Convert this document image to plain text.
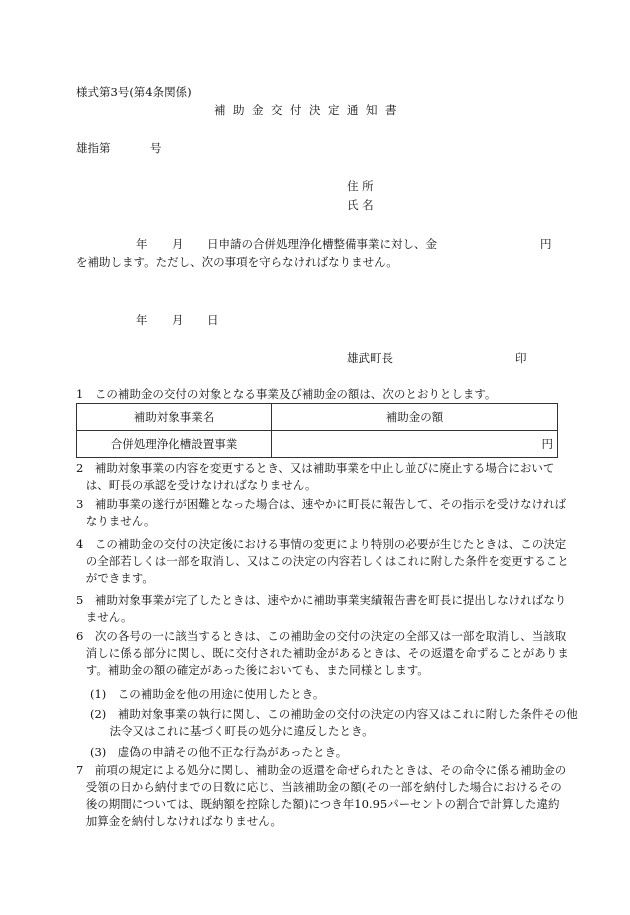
様式第3号(第4条関係)
補助金交付決定通知書
雄指第	号
住 所
氏 名
年 月 日申請の合併処理浄化槽整備事業に対し、金	円
を補助します。ただし、次の事項を守らなければなりません。
年 月 日
雄武町長	印
1　この補助金の交付の対象となる事業及び補助金の額は、次のとおりとします。
補助対象事業名	補助金の額
合併処理浄化槽設置事業	円
2　補助対象事業の内容を変更するとき、又は補助事業を中止し並びに廃止する場合においては、町長の承認を受けなければなりません。
3　補助事業の遂行が困難となった場合は、速やかに町長に報告して、その指示を受けなければなりません。
4　この補助金の交付の決定後における事情の変更により特別の必要が生じたときは、この決定の全部若しくは一部を取消し、又はこの決定の内容若しくはこれに附した条件を変更することができます。
5　補助対象事業が完了したときは、速やかに補助事業実績報告書を町長に提出しなければなりません。
6　次の各号の一に該当するときは、この補助金の交付の決定の全部又は一部を取消し、当該取消しに係る部分に関し、既に交付された補助金があるときは、その返還を命ずることがあります。補助金の額の確定があった後においても、また同様とします。
(1)　この補助金を他の用途に使用したとき。
(2)　補助対象事業の執行に関し、この補助金の交付の決定の内容又はこれに附した条件その他法令又はこれに基づく町長の処分に違反したとき。
(3)　虚偽の申請その他不正な行為があったとき。
7　前項の規定による処分に関し、補助金の返還を命ぜられたときは、その命令に係る補助金の受領の日から納付までの日数に応じ、当該補助金の額(その一部を納付した場合におけるその後の期間については、既納額を控除した額)につき年10.95パーセントの割合で計算した違約加算金を納付しなければなりません。
